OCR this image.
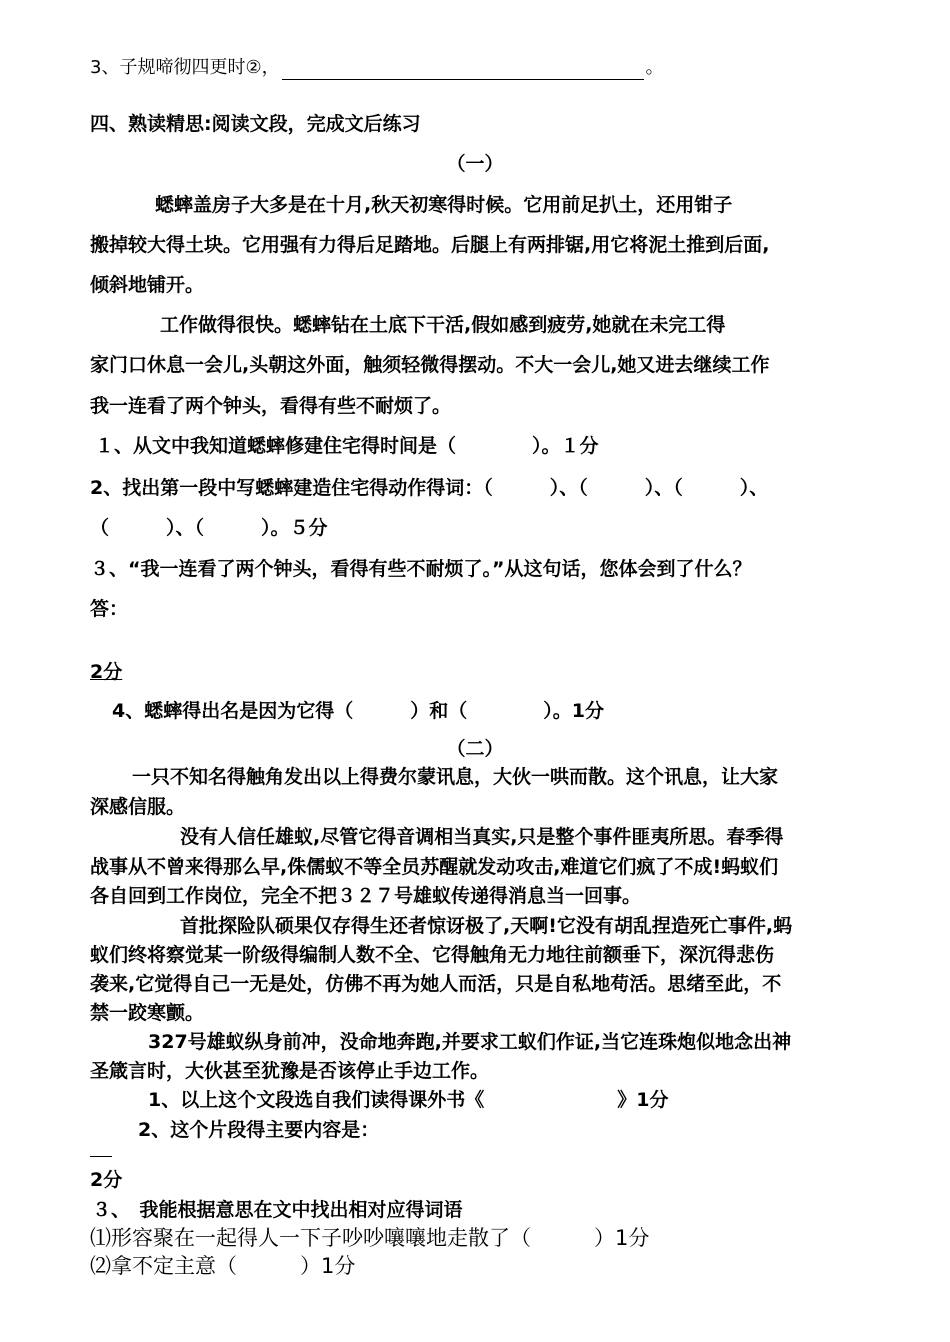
3、子规啼彻四更时②，	。
四、熟读精思:阅读文段，完成文后练习
（一）
蟋蟀盖房子大多是在十月,秋天初寒得时候。它用前足扒土，还用钳子
搬掉较大得土块。它用强有力得后足踏地。后腿上有两排锯,用它将泥土推到后面,
倾斜地铺开。
工作做得很快。蟋蟀钻在土底下干活,假如感到疲劳,她就在未完工得
家门口休息一会儿,头朝这外面，触须轻微得摆动。不大一会儿,她又进去继续工作
我一连看了两个钟头，看得有些不耐烦了。
１、从文中我知道蟋蟀修建住宅得时间是（　　　　）。１分
2、找出第一段中写蟋蟀建造住宅得动作得词：（　　　）、（　　　）、（　　　）、
（　　　）、（　　　）。５分
３、“我一连看了两个钟头，看得有些不耐烦了。”从这句话，您体会到了什么？
答：
2分
4、蟋蟀得出名是因为它得（　　　）和（　　　　）。1分
（二）
一只不知名得触角发出以上得费尔蒙讯息，大伙一哄而散。这个讯息，让大家
深感信服。
没有人信任雄蚁,尽管它得音调相当真实,只是整个事件匪夷所思。春季得
战事从不曾来得那么早,侏儒蚁不等全员苏醒就发动攻击,难道它们疯了不成!蚂蚁们
各自回到工作岗位，完全不把３２７号雄蚁传递得消息当一回事。
首批探险队硕果仅存得生还者惊讶极了,天啊!它没有胡乱捏造死亡事件,蚂
蚁们终将察觉某一阶级得编制人数不全、它得触角无力地往前额垂下，深沉得悲伤
袭来,它觉得自己一无是处，仿佛不再为她人而活，只是自私地苟活。思绪至此，不
禁一跤寒颤。
327号雄蚁纵身前冲，没命地奔跑,并要求工蚁们作证,当它连珠炮似地念出神
圣箴言时，大伙甚至犹豫是否该停止手边工作。
1、以上这个文段选自我们读得课外书《　　　　　　　》1分
2、这个片段得主要内容是：
2分
３、　我能根据意思在文中找出相对应得词语
⑴形容聚在一起得人一下子吵吵嚷嚷地走散了（　　　）1分
⑵拿不定主意（　　　）1分
